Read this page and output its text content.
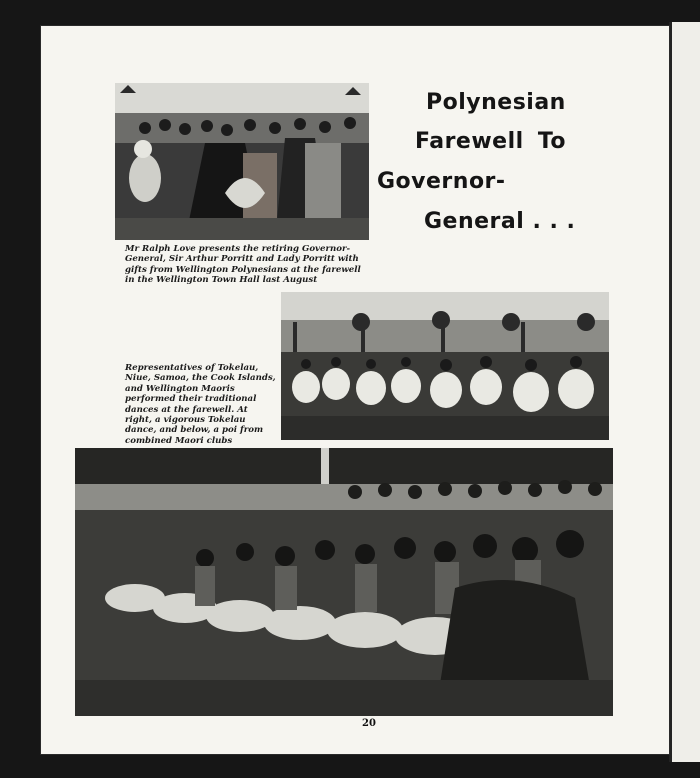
Mr Ralph Love presents the retiring Governor-General, Sir Arthur Porritt and Lady Porritt with gifts from Wellington Polynesians at the farewell in the Wellington Town Hall last August
Polynesian
Farewell To
Governor-
General . . .
Representatives of Tokelau, Niue, Samoa, the Cook Islands, and Wellington Maoris performed their traditional dances at the farewell. At right, a vigorous Tokelau dance, and below, a poi from combined Maori clubs
20
